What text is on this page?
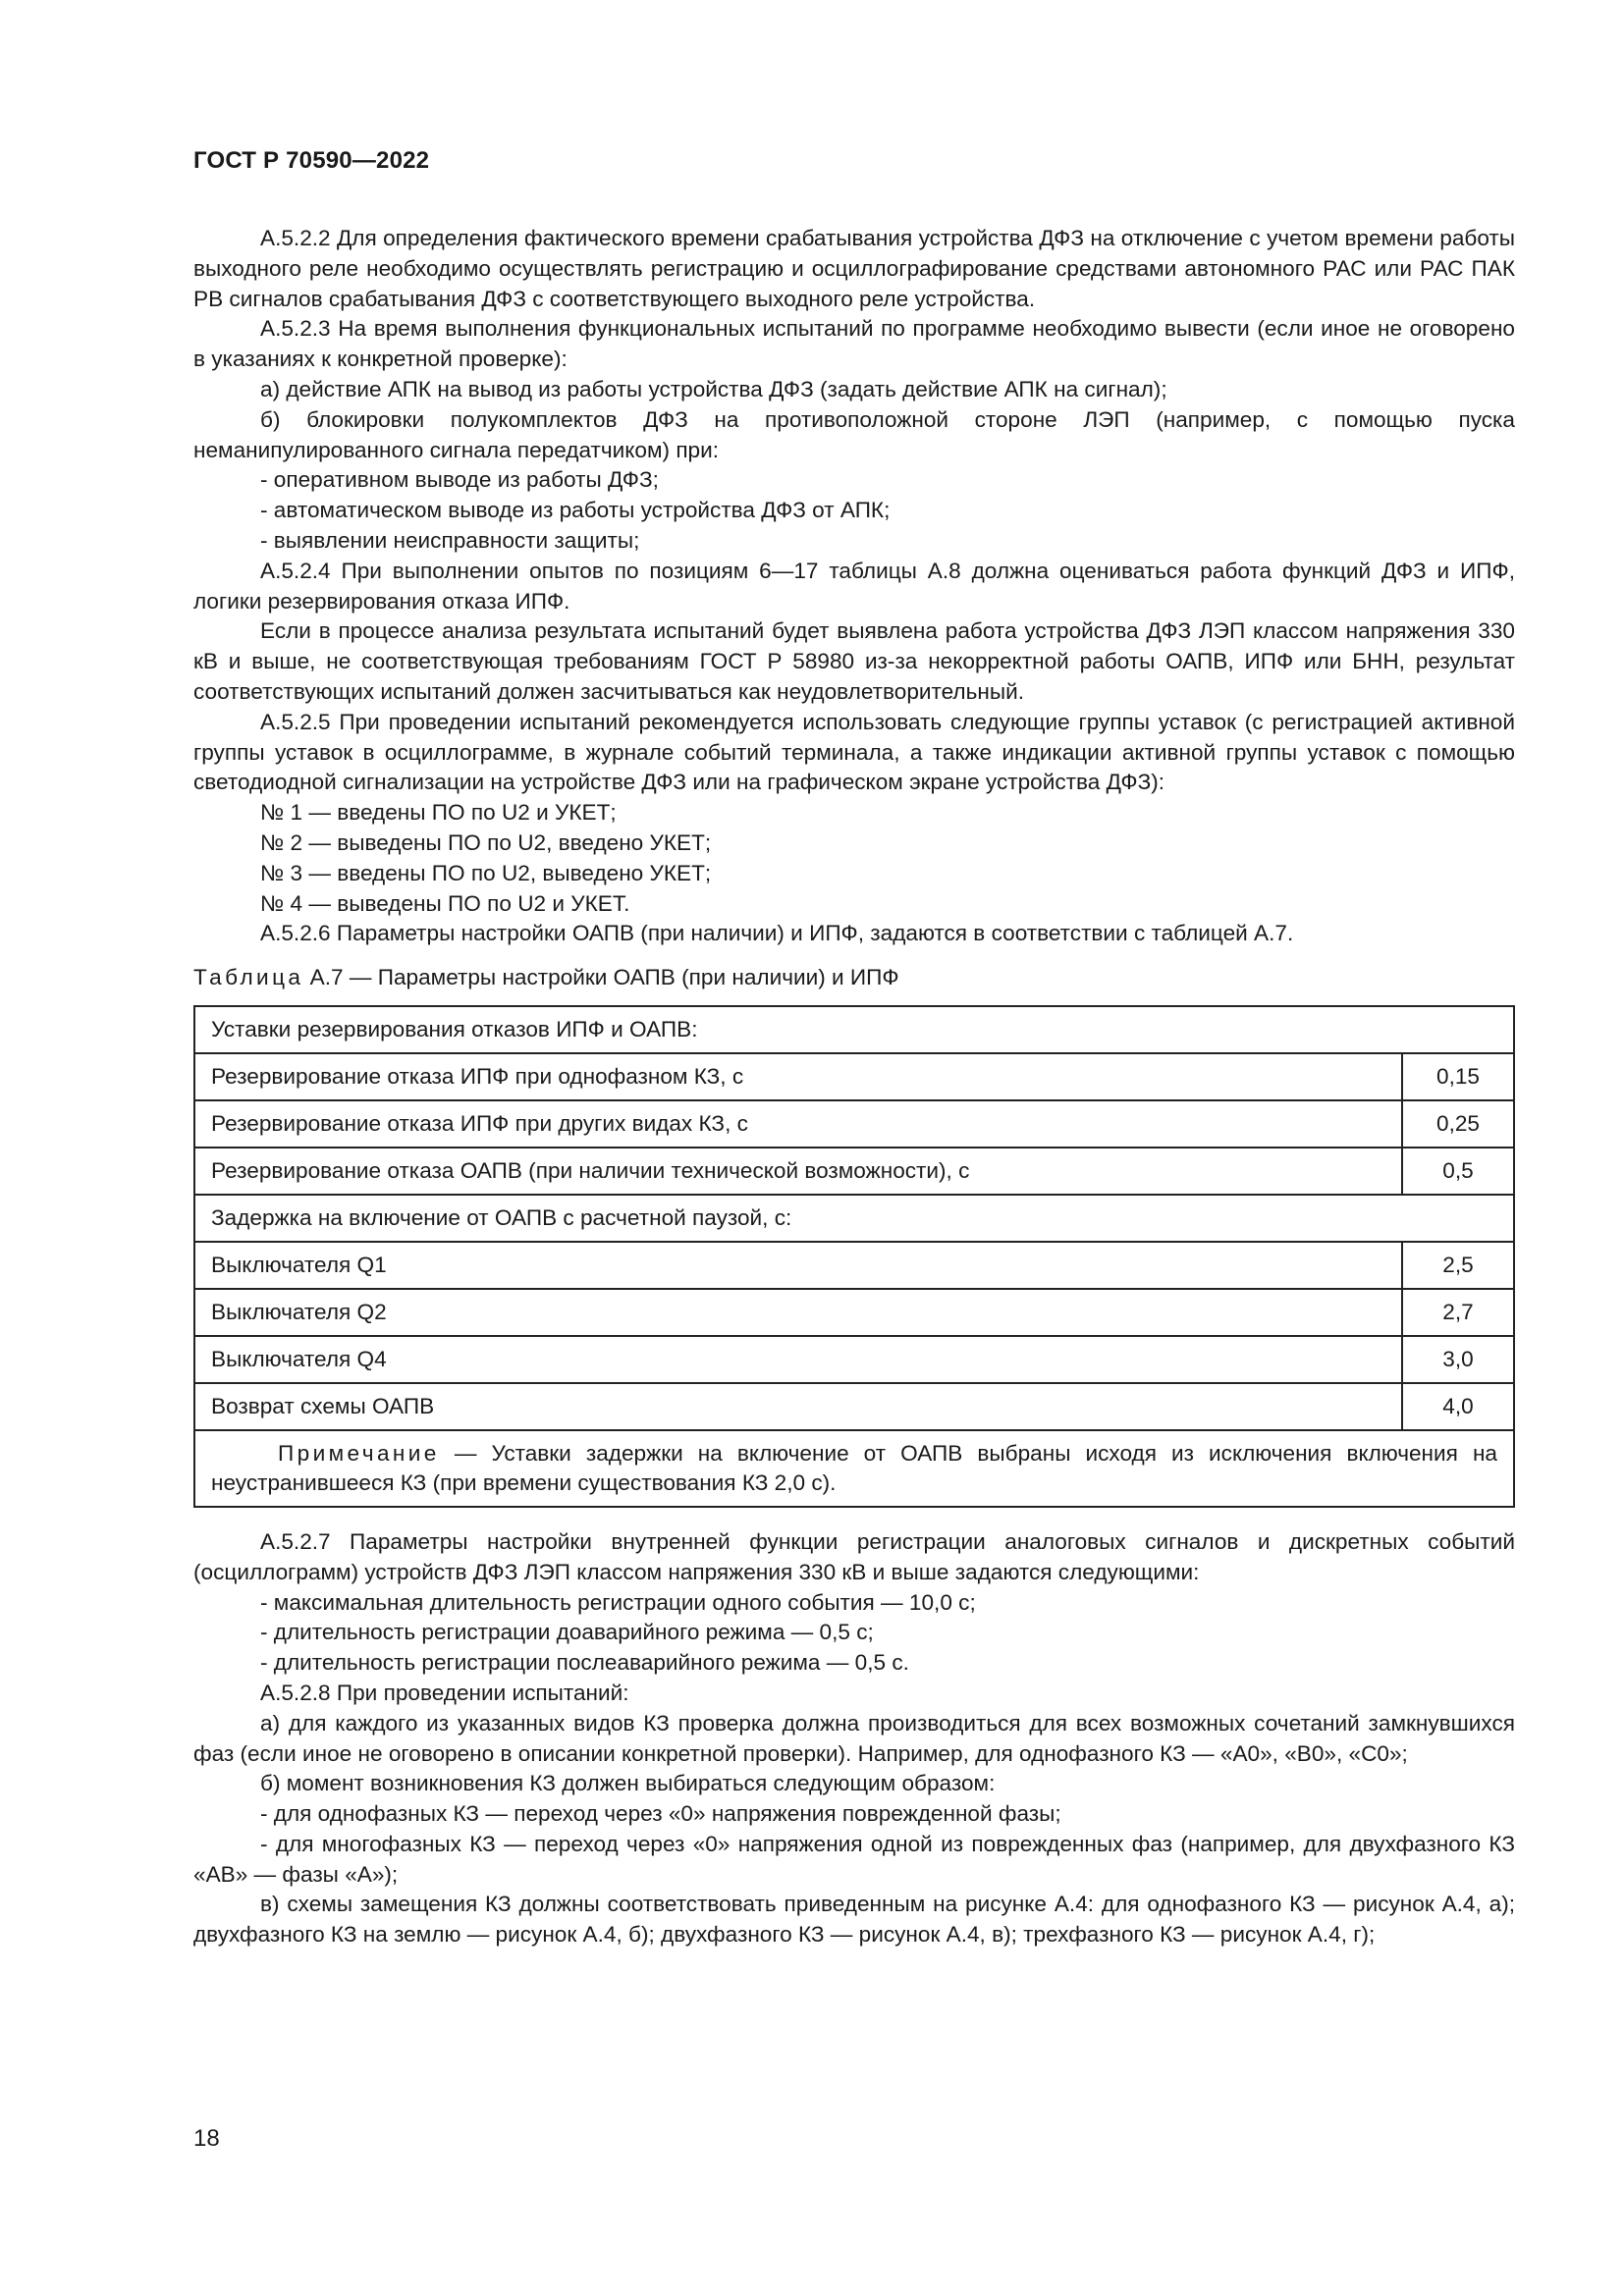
ГОСТ Р 70590—2022

А.5.2.2 Для определения фактического времени срабатывания устройства ДФЗ на отключение с учетом времени работы выходного реле необходимо осуществлять регистрацию и осциллографирование средствами автономного РАС или РАС ПАК РВ сигналов срабатывания ДФЗ с соответствующего выходного реле устройства.

А.5.2.3 На время выполнения функциональных испытаний по программе необходимо вывести (если иное не оговорено в указаниях к конкретной проверке):

а) действие АПК на вывод из работы устройства ДФЗ (задать действие АПК на сигнал);

б) блокировки полукомплектов ДФЗ на противоположной стороне ЛЭП (например, с помощью пуска неманипулированного сигнала передатчиком) при:

- оперативном выводе из работы ДФЗ;

- автоматическом выводе из работы устройства ДФЗ от АПК;

- выявлении неисправности защиты;

А.5.2.4 При выполнении опытов по позициям 6—17 таблицы А.8 должна оцениваться работа функций ДФЗ и ИПФ, логики резервирования отказа ИПФ.

Если в процессе анализа результата испытаний будет выявлена работа устройства ДФЗ ЛЭП классом напряжения 330 кВ и выше, не соответствующая требованиям ГОСТ Р 58980 из-за некорректной работы ОАПВ, ИПФ или БНН, результат соответствующих испытаний должен засчитываться как неудовлетворительный.

А.5.2.5 При проведении испытаний рекомендуется использовать следующие группы уставок (с регистрацией активной группы уставок в осциллограмме, в журнале событий терминала, а также индикации активной группы уставок с помощью светодиодной сигнализации на устройстве ДФЗ или на графическом экране устройства ДФЗ):

№ 1 — введены ПО по U2 и УКЕТ;

№ 2 — выведены ПО по U2, введено УКЕТ;

№ 3 — введены ПО по U2, выведено УКЕТ;

№ 4 — выведены ПО по U2 и УКЕТ.

А.5.2.6 Параметры настройки ОАПВ (при наличии) и ИПФ, задаются в соответствии с таблицей А.7.

Таблица А.7 — Параметры настройки ОАПВ (при наличии) и ИПФ

Уставки резервирования отказов ИПФ и ОАПВ:	
Резервирование отказа ИПФ при однофазном КЗ, с	0,15
Резервирование отказа ИПФ при других видах КЗ, с	0,25
Резервирование отказа ОАПВ (при наличии технической возможности), с	0,5
Задержка на включение от ОАПВ с расчетной паузой, с:	
Выключателя Q1	2,5
Выключателя Q2	2,7
Выключателя Q4	3,0
Возврат схемы ОАПВ	4,0
Примечание — Уставки задержки на включение от ОАПВ выбраны исходя из исключения включения на неустранившееся КЗ (при времени существования КЗ 2,0 с).	

А.5.2.7 Параметры настройки внутренней функции регистрации аналоговых сигналов и дискретных событий (осциллограмм) устройств ДФЗ ЛЭП классом напряжения 330 кВ и выше задаются следующими:

- максимальная длительность регистрации одного события — 10,0 с;

- длительность регистрации доаварийного режима — 0,5 с;

- длительность регистрации послеаварийного режима — 0,5 с.

А.5.2.8 При проведении испытаний:

а) для каждого из указанных видов КЗ проверка должна производиться для всех возможных сочетаний замкнувшихся фаз (если иное не оговорено в описании конкретной проверки). Например, для однофазного КЗ — «А0», «В0», «С0»;

б) момент возникновения КЗ должен выбираться следующим образом:

- для однофазных КЗ — переход через «0» напряжения поврежденной фазы;

- для многофазных КЗ — переход через «0» напряжения одной из поврежденных фаз (например, для двухфазного КЗ «АВ» — фазы «А»);

в) схемы замещения КЗ должны соответствовать приведенным на рисунке А.4: для однофазного КЗ — рисунок А.4, а); двухфазного КЗ на землю — рисунок А.4, б); двухфазного КЗ — рисунок А.4, в); трехфазного КЗ — рисунок А.4, г);

18
